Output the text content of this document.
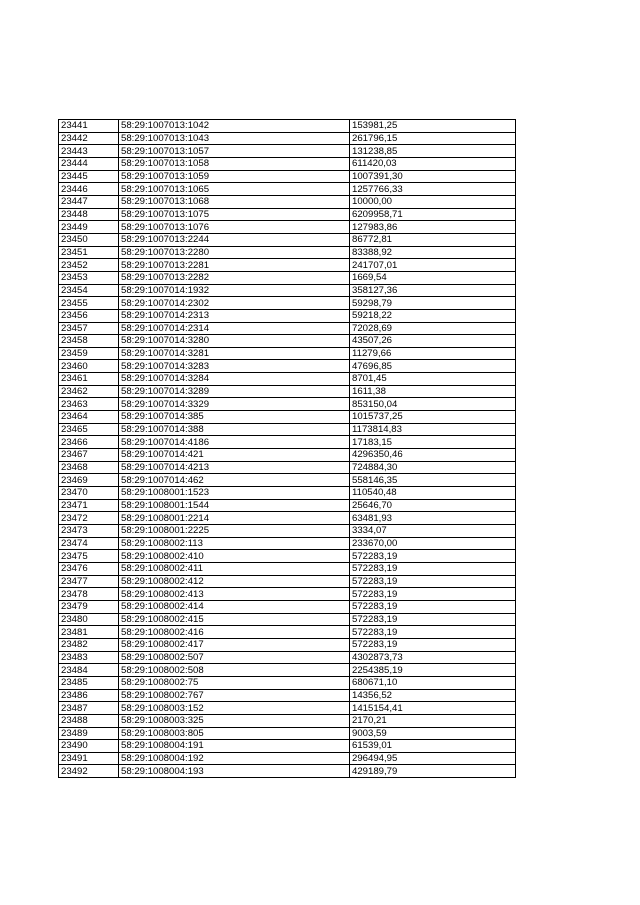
23441	58:29:1007013:1042	153981,25
23442	58:29:1007013:1043	261796,15
23443	58:29:1007013:1057	131238,85
23444	58:29:1007013:1058	611420,03
23445	58:29:1007013:1059	1007391,30
23446	58:29:1007013:1065	1257766,33
23447	58:29:1007013:1068	10000,00
23448	58:29:1007013:1075	6209958,71
23449	58:29:1007013:1076	127983,86
23450	58:29:1007013:2244	86772,81
23451	58:29:1007013:2280	83388,92
23452	58:29:1007013:2281	241707,01
23453	58:29:1007013:2282	1669,54
23454	58:29:1007014:1932	358127,36
23455	58:29:1007014:2302	59298,79
23456	58:29:1007014:2313	59218,22
23457	58:29:1007014:2314	72028,69
23458	58:29:1007014:3280	43507,26
23459	58:29:1007014:3281	11279,66
23460	58:29:1007014:3283	47696,85
23461	58:29:1007014:3284	8701,45
23462	58:29:1007014:3289	1611,38
23463	58:29:1007014:3329	853150,04
23464	58:29:1007014:385	1015737,25
23465	58:29:1007014:388	1173814,83
23466	58:29:1007014:4186	17183,15
23467	58:29:1007014:421	4296350,46
23468	58:29:1007014:4213	724884,30
23469	58:29:1007014:462	558146,35
23470	58:29:1008001:1523	110540,48
23471	58:29:1008001:1544	25646,70
23472	58:29:1008001:2214	63481,93
23473	58:29:1008001:2225	3334,07
23474	58:29:1008002:113	233670,00
23475	58:29:1008002:410	572283,19
23476	58:29:1008002:411	572283,19
23477	58:29:1008002:412	572283,19
23478	58:29:1008002:413	572283,19
23479	58:29:1008002:414	572283,19
23480	58:29:1008002:415	572283,19
23481	58:29:1008002:416	572283,19
23482	58:29:1008002:417	572283,19
23483	58:29:1008002:507	4302873,73
23484	58:29:1008002:508	2254385,19
23485	58:29:1008002:75	680671,10
23486	58:29:1008002:767	14356,52
23487	58:29:1008003:152	1415154,41
23488	58:29:1008003:325	2170,21
23489	58:29:1008003:805	9003,59
23490	58:29:1008004:191	61539,01
23491	58:29:1008004:192	296494,95
23492	58:29:1008004:193	429189,79
